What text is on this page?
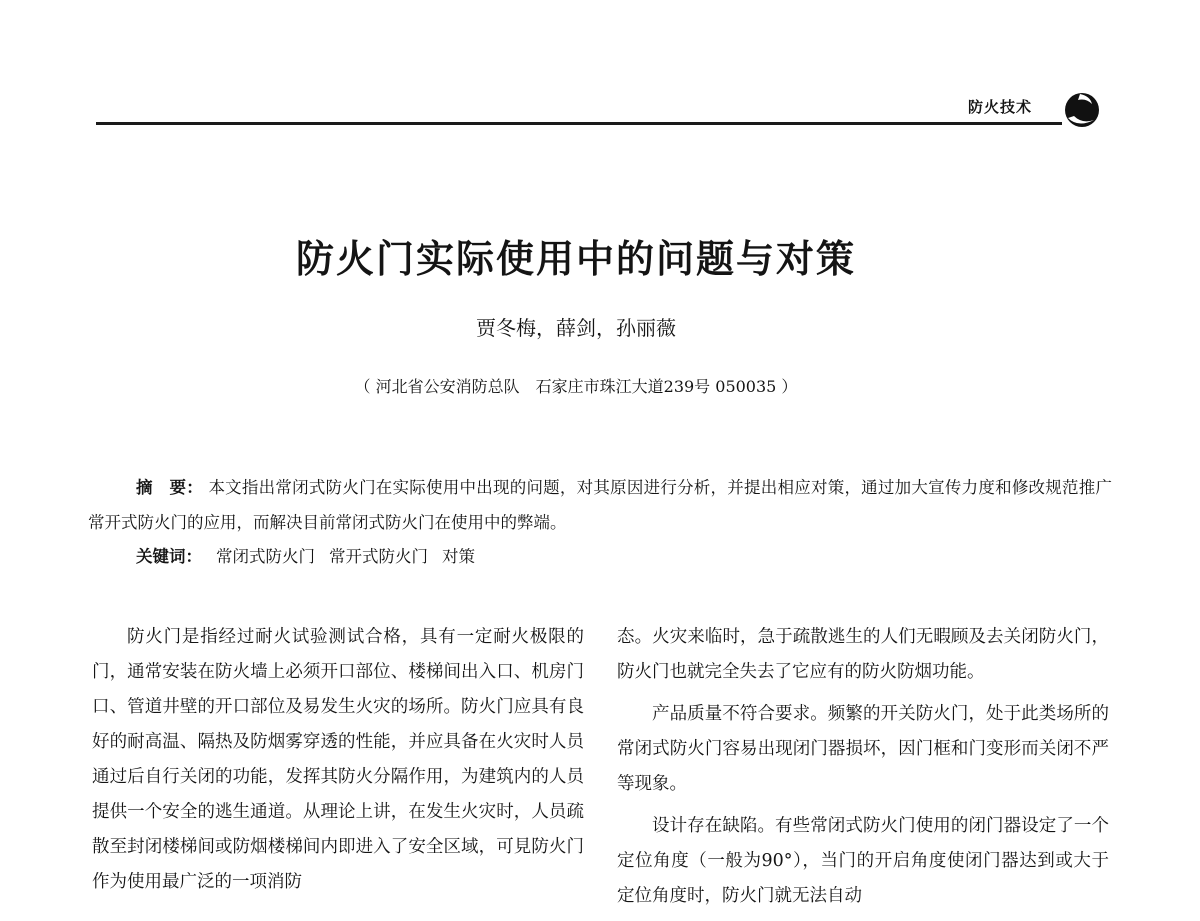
防火技术
防火门实际使用中的问题与对策
贾冬梅，薛剑，孙丽薇
（ 河北省公安消防总队　石家庄市珠江大道239号 050035 ）
摘　要： 本文指出常闭式防火门在实际使用中出现的问题，对其原因进行分析，并提出相应对策，通过加大宣传力度和修改规范推广常开式防火门的应用，而解决目前常闭式防火门在使用中的弊端。
关键词： 常闭式防火门 常开式防火门 对策

防火门是指经过耐火试验测试合格，具有一定耐火极限的门，通常安装在防火墙上必须开口部位、楼梯间出入口、机房门口、管道井壁的开口部位及易发生火灾的场所。防火门应具有良好的耐高温、隔热及防烟雾穿透的性能，并应具备在火灾时人员通过后自行关闭的功能，发挥其防火分隔作用，为建筑内的人员提供一个安全的逃生通道。从理论上讲，在发生火灾时，人员疏散至封闭楼梯间或防烟楼梯间内即进入了安全区域，可見防火门作为使用最广泛的一项消防

态。火灾来临时，急于疏散逃生的人们无暇顾及去关闭防火门，防火门也就完全失去了它应有的防火防烟功能。

产品质量不符合要求。频繁的开关防火门，处于此类场所的常闭式防火门容易出现闭门器损坏，因门框和门变形而关闭不严等现象。

设计存在缺陷。有些常闭式防火门使用的闭门器设定了一个定位角度（一般为90°），当门的开启角度使闭门器达到或大于定位角度时，防火门就无法自动
